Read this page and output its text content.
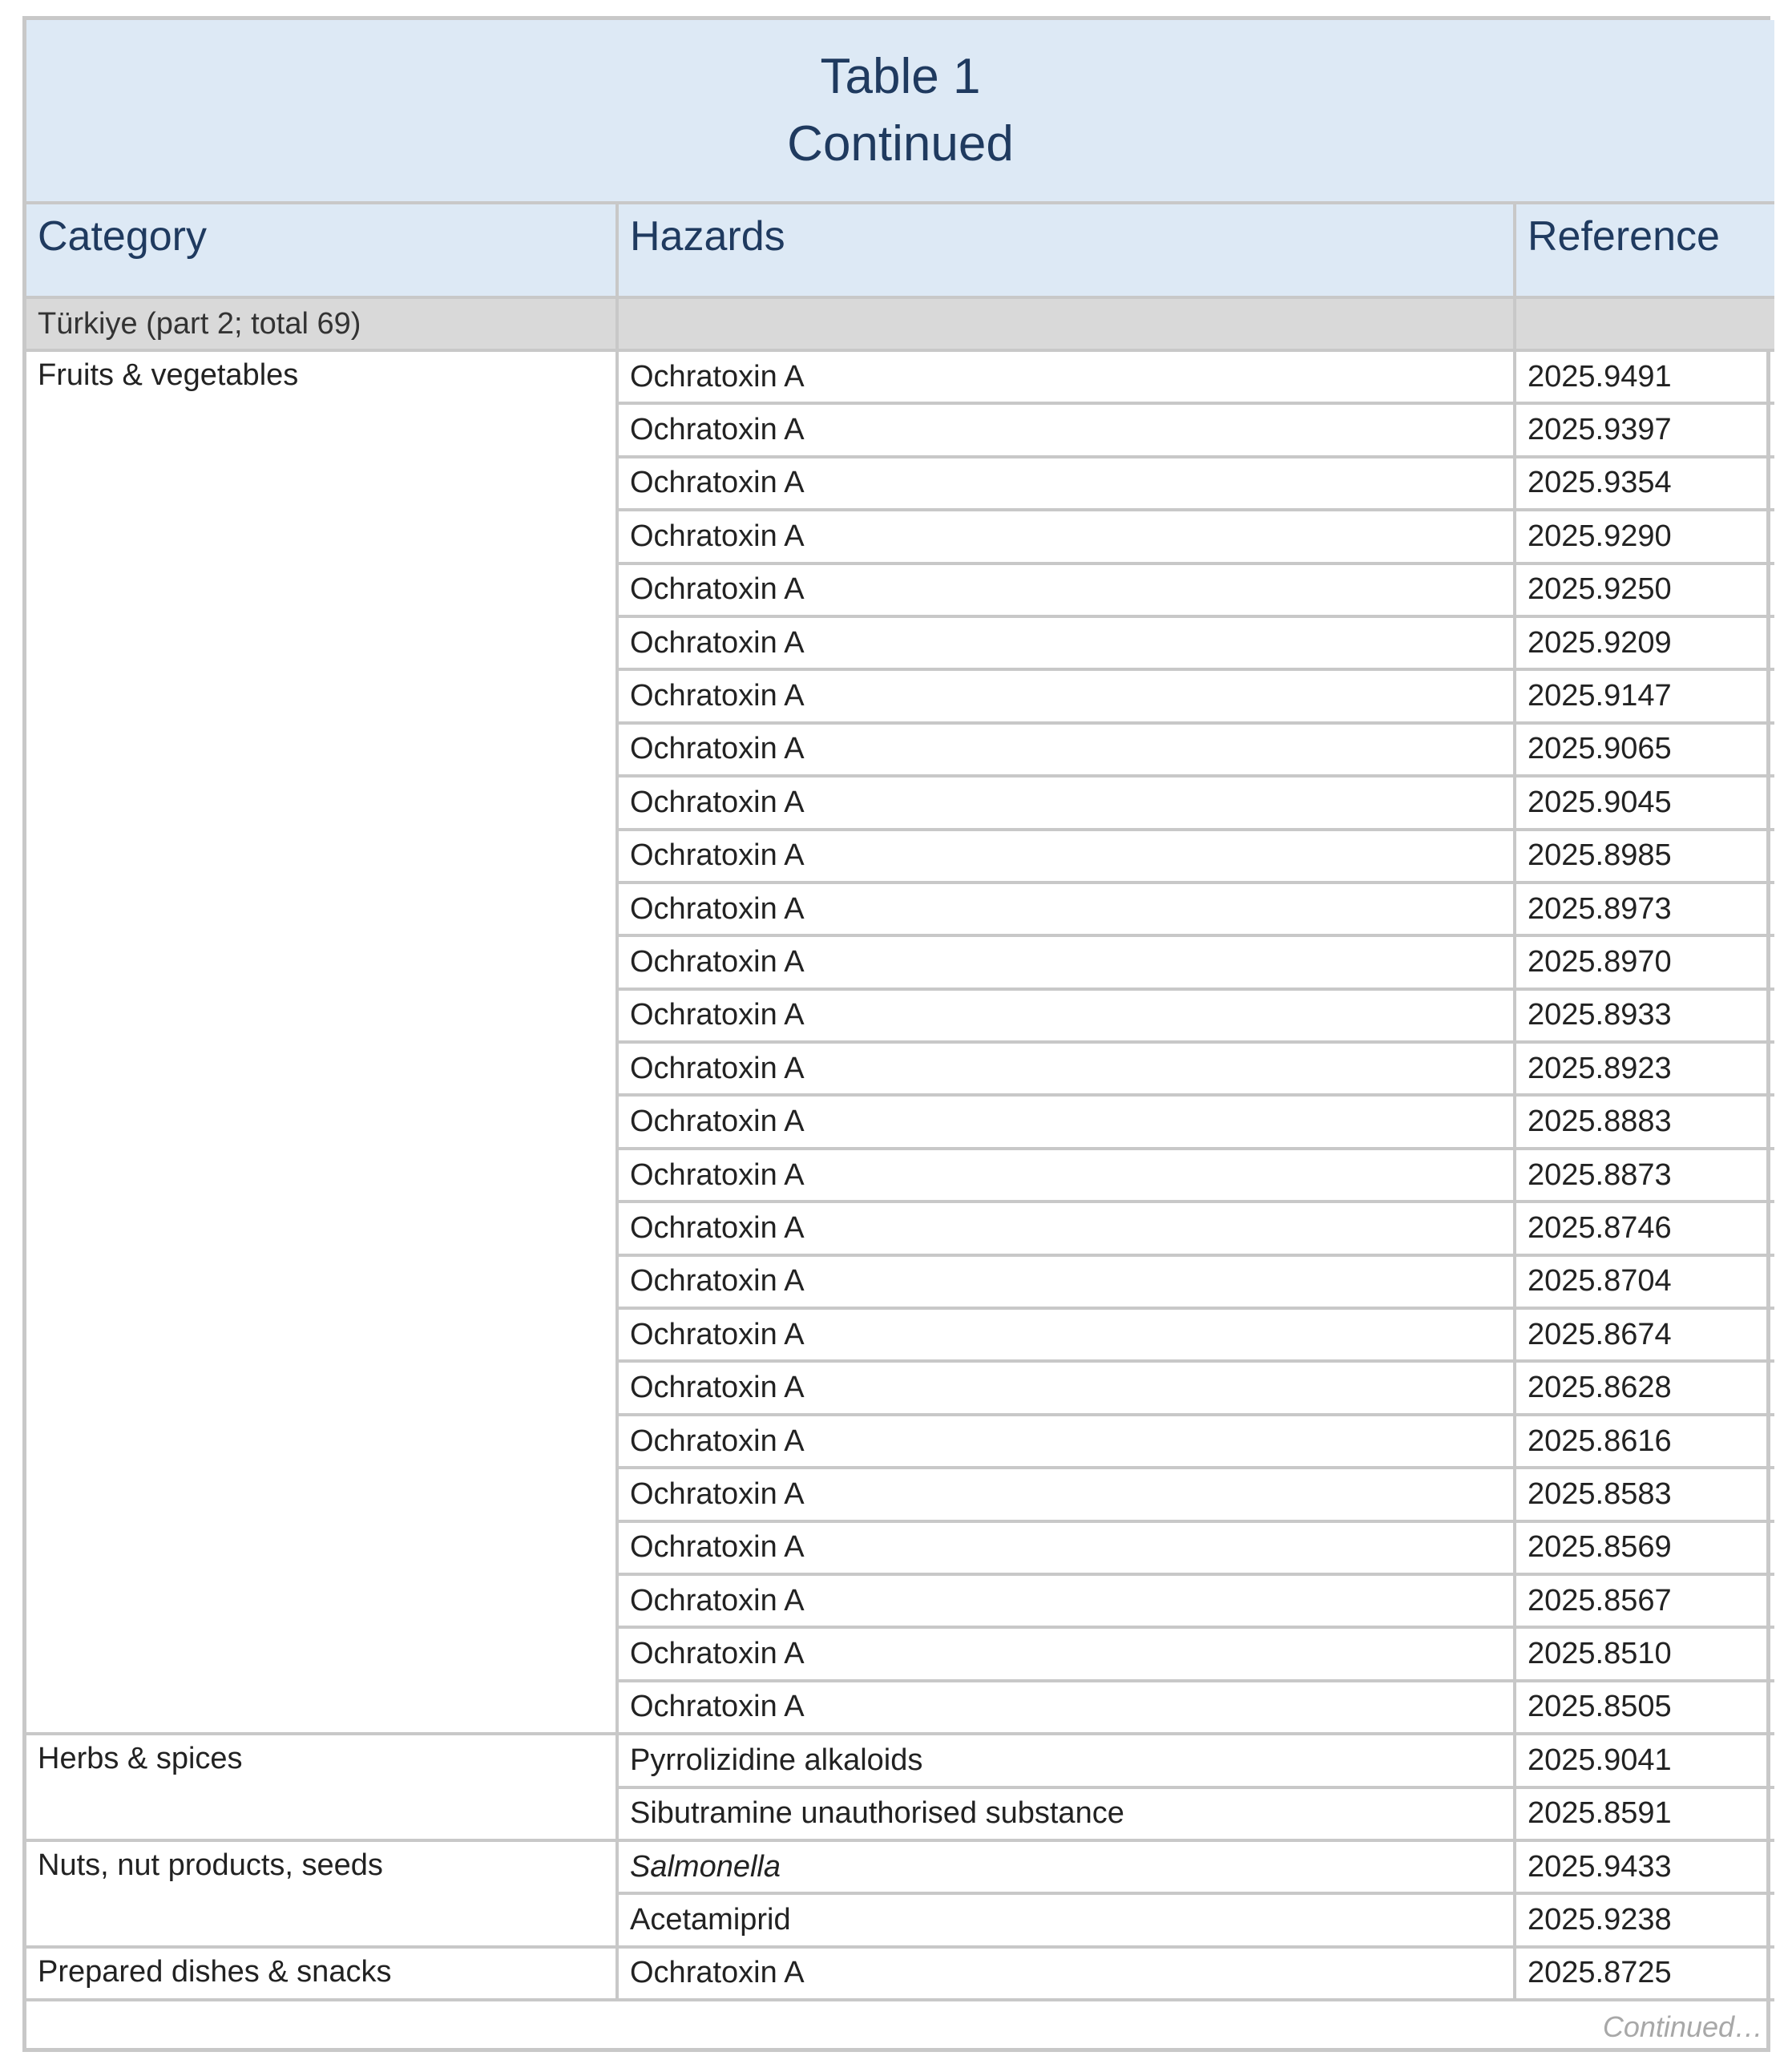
Table 1
Continued		

Category	Hazards	Reference
Türkiye (part 2; total 69)		
Fruits & vegetables	Ochratoxin A	2025.9491
	Ochratoxin A	2025.9397
	Ochratoxin A	2025.9354
	Ochratoxin A	2025.9290
	Ochratoxin A	2025.9250
	Ochratoxin A	2025.9209
	Ochratoxin A	2025.9147
	Ochratoxin A	2025.9065
	Ochratoxin A	2025.9045
	Ochratoxin A	2025.8985
	Ochratoxin A	2025.8973
	Ochratoxin A	2025.8970
	Ochratoxin A	2025.8933
	Ochratoxin A	2025.8923
	Ochratoxin A	2025.8883
	Ochratoxin A	2025.8873
	Ochratoxin A	2025.8746
	Ochratoxin A	2025.8704
	Ochratoxin A	2025.8674
	Ochratoxin A	2025.8628
	Ochratoxin A	2025.8616
	Ochratoxin A	2025.8583
	Ochratoxin A	2025.8569
	Ochratoxin A	2025.8567
	Ochratoxin A	2025.8510
	Ochratoxin A	2025.8505
Herbs & spices	Pyrrolizidine alkaloids	2025.9041
	Sibutramine unauthorised substance	2025.8591
Nuts, nut products, seeds	Salmonella	2025.9433
	Acetamiprid	2025.9238
Prepared dishes & snacks	Ochratoxin A	2025.8725
Continued…		
